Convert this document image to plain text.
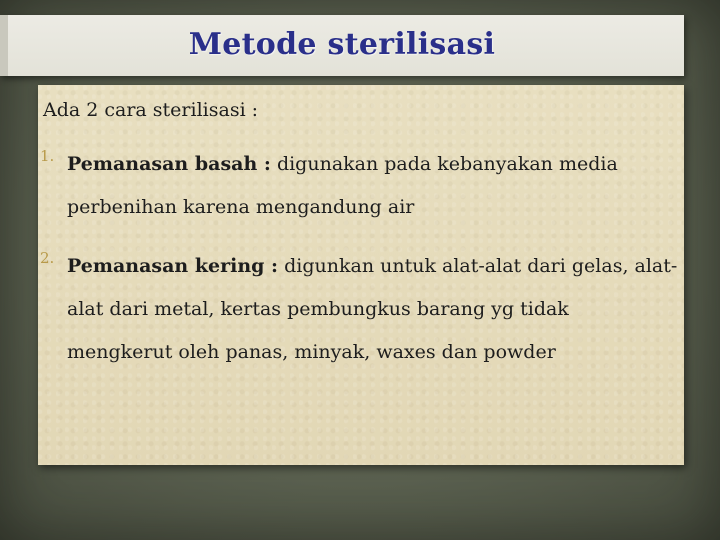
Metode sterilisasi

Ada 2 cara sterilisasi :

1. Pemanasan basah : digunakan pada kebanyakan media perbenihan karena mengandung air
2. Pemanasan kering : digunkan untuk alat-alat dari gelas, alat-alat dari metal, kertas pembungkus barang yg tidak mengkerut oleh panas, minyak, waxes dan powder
